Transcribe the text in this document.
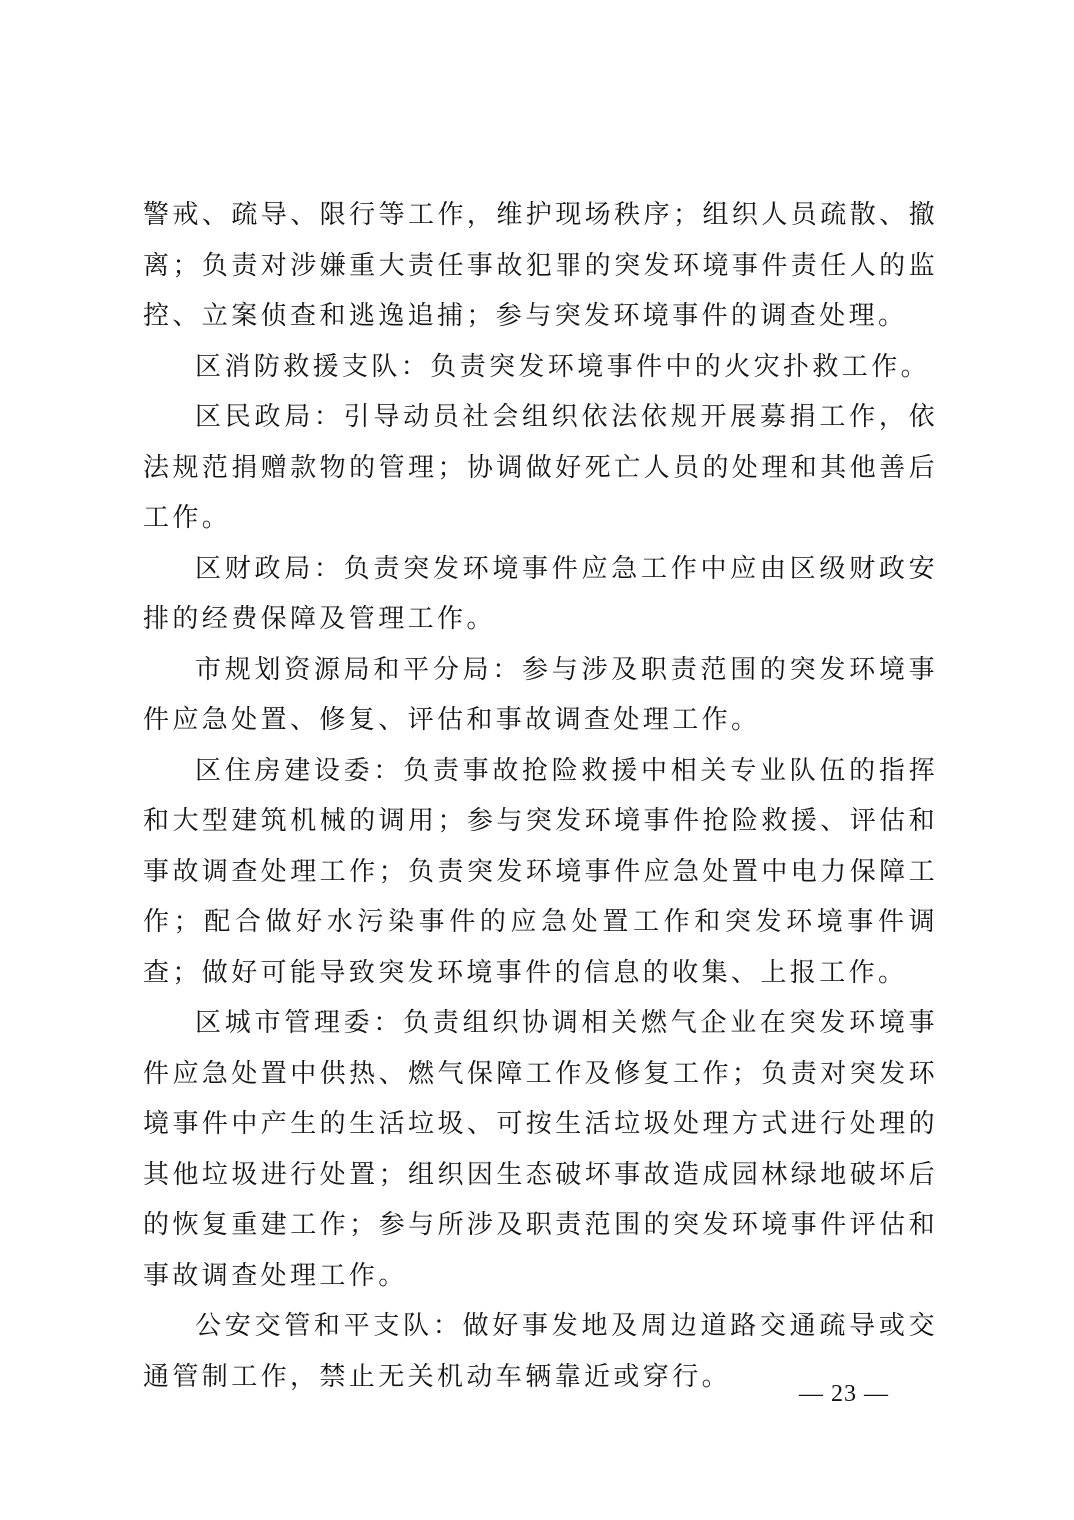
警戒、疏导、限行等工作，维护现场秩序；组织人员疏散、撤离；负责对涉嫌重大责任事故犯罪的突发环境事件责任人的监控、立案侦查和逃逸追捕；参与突发环境事件的调查处理。

区消防救援支队：负责突发环境事件中的火灾扑救工作。

区民政局：引导动员社会组织依法依规开展募捐工作，依法规范捐赠款物的管理；协调做好死亡人员的处理和其他善后工作。

区财政局：负责突发环境事件应急工作中应由区级财政安排的经费保障及管理工作。

市规划资源局和平分局：参与涉及职责范围的突发环境事件应急处置、修复、评估和事故调查处理工作。

区住房建设委：负责事故抢险救援中相关专业队伍的指挥和大型建筑机械的调用；参与突发环境事件抢险救援、评估和事故调查处理工作；负责突发环境事件应急处置中电力保障工作；配合做好水污染事件的应急处置工作和突发环境事件调查；做好可能导致突发环境事件的信息的收集、上报工作。

区城市管理委：负责组织协调相关燃气企业在突发环境事件应急处置中供热、燃气保障工作及修复工作；负责对突发环境事件中产生的生活垃圾、可按生活垃圾处理方式进行处理的其他垃圾进行处置；组织因生态破坏事故造成园林绿地破坏后的恢复重建工作；参与所涉及职责范围的突发环境事件评估和事故调查处理工作。

公安交管和平支队：做好事发地及周边道路交通疏导或交通管制工作，禁止无关机动车辆靠近或穿行。

— 23 —
